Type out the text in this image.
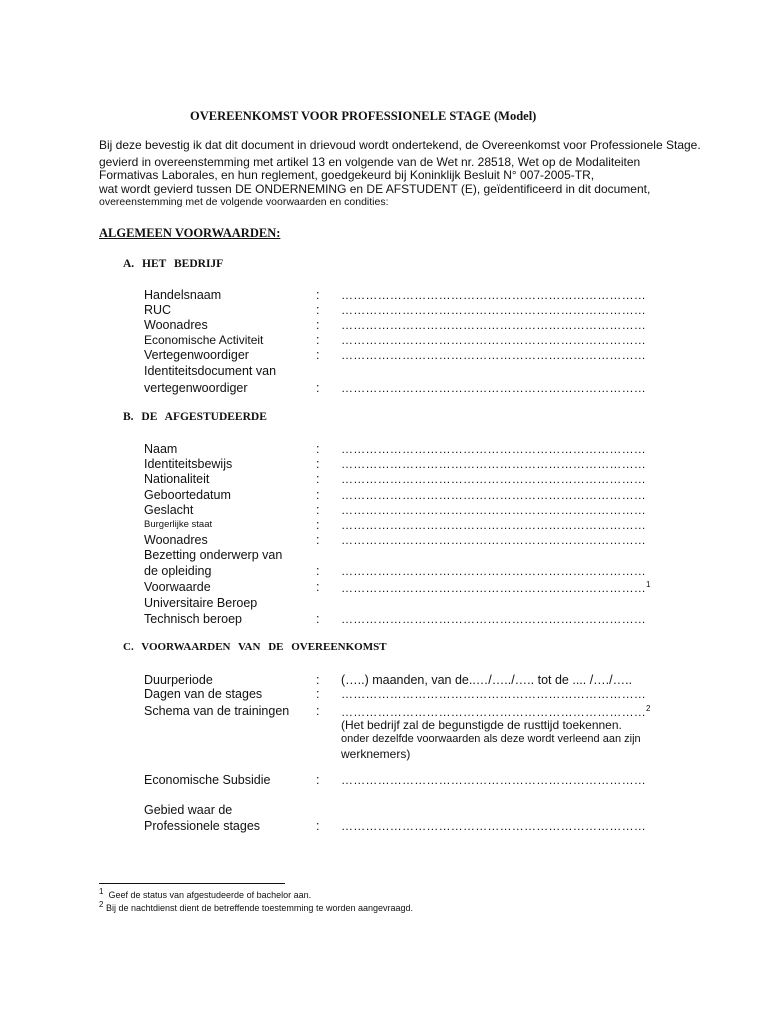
OVEREENKOMST VOOR PROFESSIONELE STAGE (Model)
Bij deze bevestig ik dat dit document in drievoud wordt ondertekend, de Overeenkomst voor Professionele Stage.
gevierd in overeenstemming met artikel 13 en volgende van de Wet nr. 28518, Wet op de Modaliteiten
Formativas Laborales, en hun reglement, goedgekeurd bij Koninklijk Besluit N° 007-2005-TR,
wat wordt gevierd tussen DE ONDERNEMING en DE AFSTUDENT (E), geïdentificeerd in dit document,
overeenstemming met de volgende voorwaarden en condities:
ALGEMEEN VOORWAARDEN:
A. HET BEDRIJF
Handelsnaam	: …………………………………………………………………
RUC	: …………………………………………………………………
Woonadres	: …………………………………………………………………
Economische Activiteit	: …………………………………………………………………
Vertegenwoordiger	: …………………………………………………………………
Identiteitsdocument van
vertegenwoordiger	: …………………………………………………………………
B. DE AFGESTUDEERDE
Naam	: …………………………………………………………………
Identiteitsbewijs	: …………………………………………………………………
Nationaliteit	: …………………………………………………………………
Geboortedatum	: …………………………………………………………………
Geslacht	: …………………………………………………………………
Burgerlijke staat	: …………………………………………………………………
Woonadres	: …………………………………………………………………
Bezetting onderwerp van
de opleiding	: …………………………………………………………………
Voorwaarde	: …………………………………………………………………$^1$
Universitaire Beroep
Technisch beroep	: …………………………………………………………………
C. VOORWAARDEN VAN DE OVEREENKOMST
Duurperiode	: (…..) maanden, van de..…/…../….. tot de .... /…./…..
Dagen van de stages	: …………………………………………………………………
Schema van de trainingen : …………………………………………………………………$^2$
(Het bedrijf zal de begunstigde de rusttijd toekennen.
onder dezelfde voorwaarden als deze wordt verleend aan zijn
werknemers)
Economische Subsidie	: …………………………………………………………………
Gebied waar de
Professionele stages	: …………………………………………………………………
$^1$ Geef de status van afgestudeerde of bachelor aan.
$^2$ Bij de nachtdienst dient de betreffende toestemming te worden aangevraagd.
